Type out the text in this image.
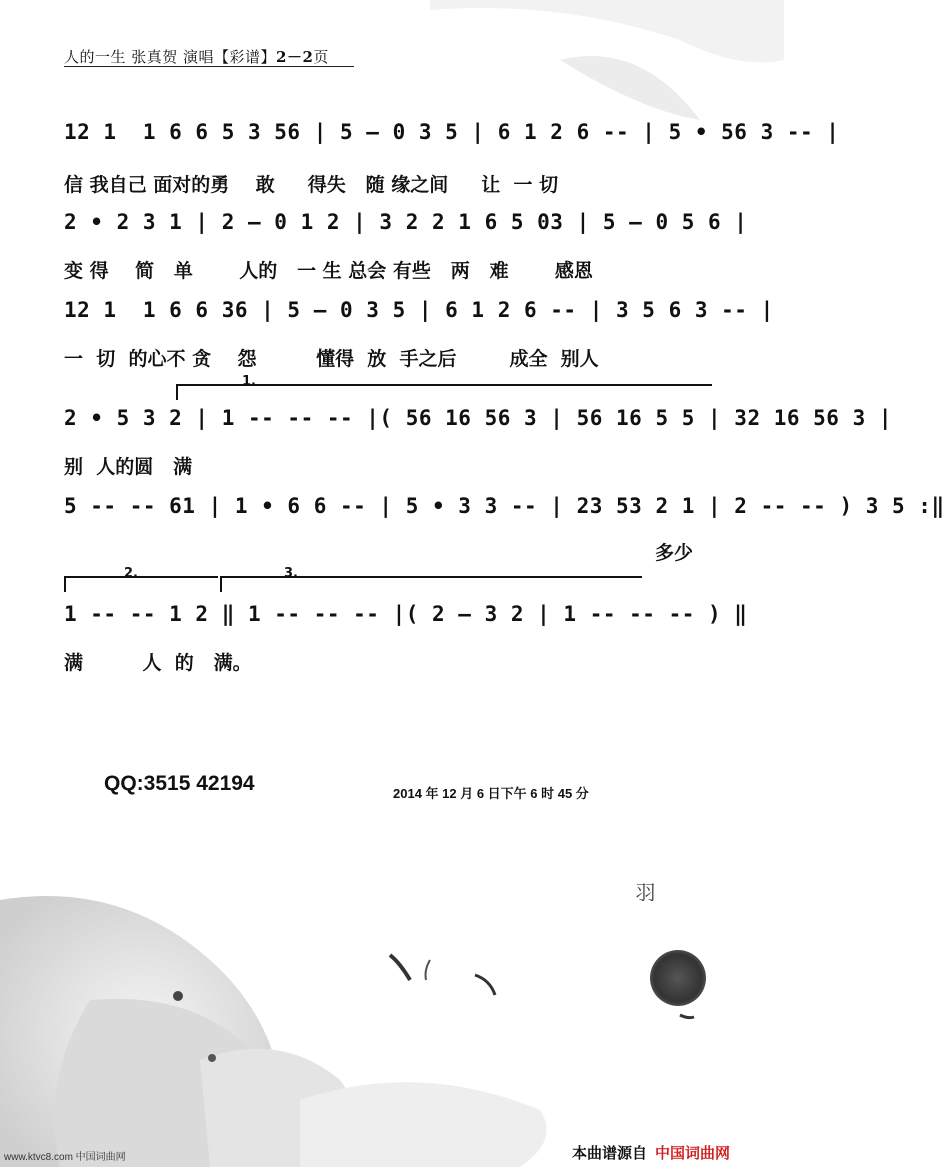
人的一生 张真贺 演唱【彩谱】2－2页
12 1  1 6 6 5 3 56 | 5 – 0 3 5 | 6 1 2 6 -- | 5 • 56 3 -- |
信 我自己 面对的勇    敢     得失   随 缘之间     让  一 切
2 • 2 3 1 | 2 – 0 1 2 | 3 2 2 1 6 5 03 | 5 – 0 5 6 |
变 得    简   单       人的   一 生 总会 有些   两   难       感恩
12 1  1 6 6 36 | 5 – 0 3 5 | 6 1 2 6 -- | 3 5 6 3 -- |
一  切  的心不 贪    怨         懂得  放  手之后        成全  别人
1.
2 • 5 3 2 | 1 -- -- -- |( 56 16 56 3 | 56 16 5 5 | 32 16 56 3 |
别  人的圆   满
5 -- -- 61 | 1 • 6 6 -- | 5 • 3 3 -- | 23 53 2 1 | 2 -- -- ) 3 5 :‖
多少
2.	3.
1 -- -- 1 2 ‖ 1 -- -- -- |( 2 – 3 2 | 1 -- -- -- ) ‖
满         人  的   满。
QQ:3515 42194	2014 年 12 月 6 日下午 6 时 45 分
羽
www.ktvc8.com 中国词曲网	本曲谱源自 中国词曲网
